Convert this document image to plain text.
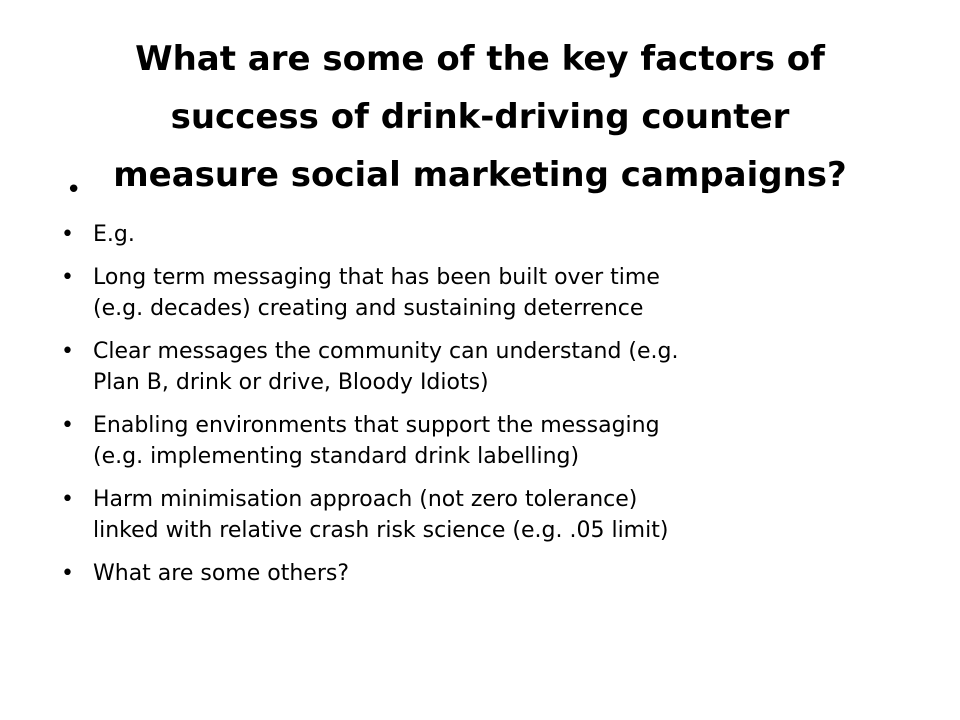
What are some of the key factors of
success of drink-driving counter
measure social marketing campaigns?
•
• E.g.
• Long term messaging that has been built over time
(e.g. decades) creating and sustaining deterrence
• Clear messages the community can understand (e.g.
Plan B, drink or drive, Bloody Idiots)
• Enabling environments that support the messaging
(e.g. implementing standard drink labelling)
• Harm minimisation approach (not zero tolerance)
linked with relative crash risk science (e.g. .05 limit)
• What are some others?
